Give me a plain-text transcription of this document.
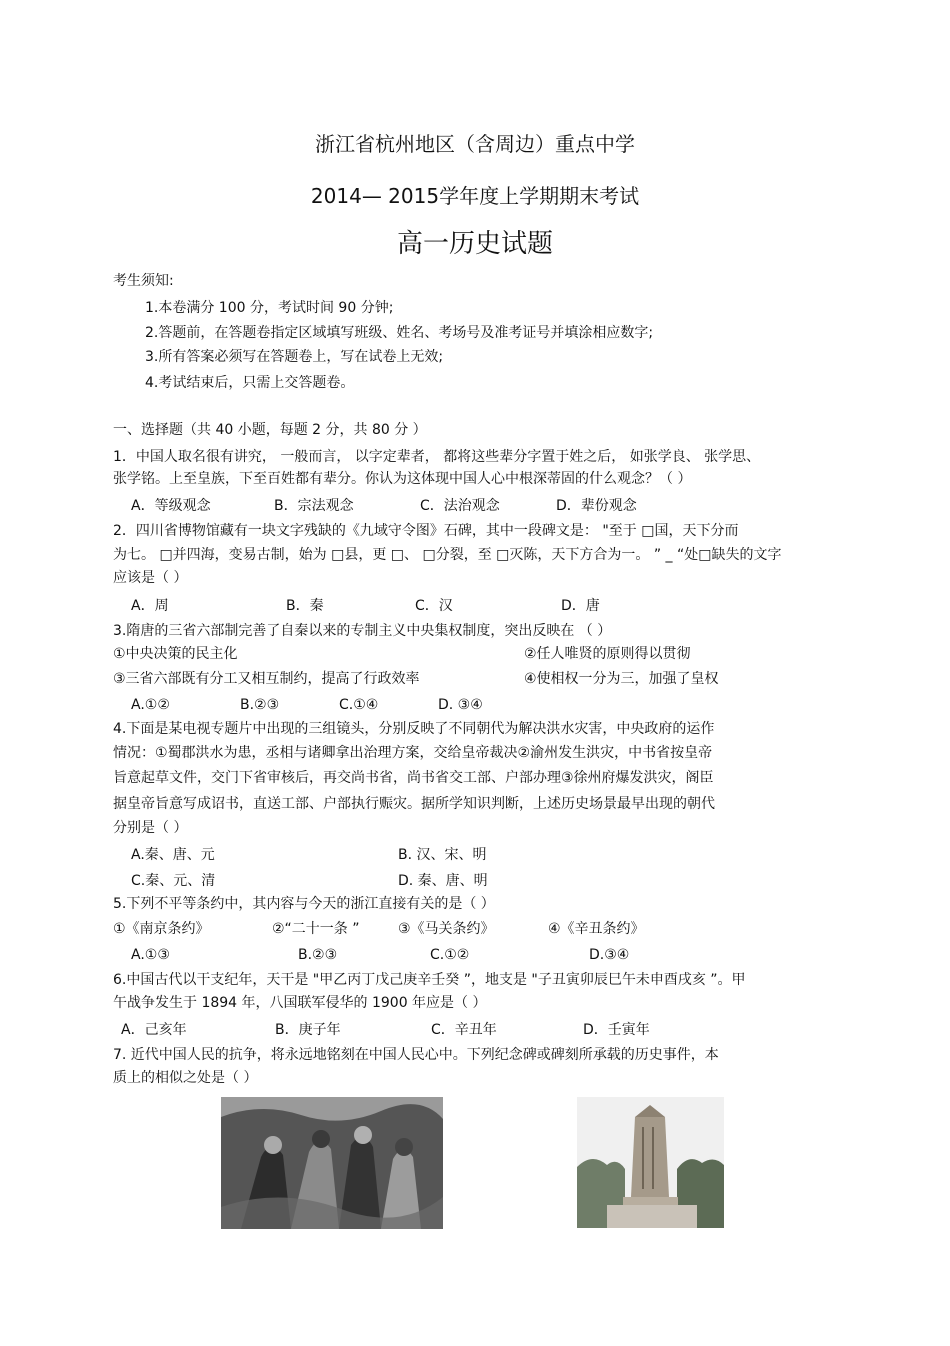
浙江省杭州地区（含周边）重点中学
2014— 2015学年度上学期期末考试
高一历史试题
考生须知:
1.本卷满分 100 分，考试时间 90 分钟;
2.答题前，在答题卷指定区域填写班级、姓名、考场号及准考证号并填涂相应数字;
3.所有答案必须写在答题卷上，写在试卷上无效;
4.考试结束后，只需上交答题卷。
一、选择题（共 40 小题，每题 2 分，共 80 分 ）
1．中国人取名很有讲究， 一般而言， 以字定辈者， 都将这些辈分字置于姓之后， 如张学良、 张学思、
张学铭。上至皇族，下至百姓都有辈分。你认为这体现中国人心中根深蒂固的什么观念？（ ）
A．等级观念	B．宗法观念	C．法治观念	D．辈份观念
2．四川省博物馆藏有一块文字残缺的《九域守令图》石碑，其中一段碑文是： "至于 □国，天下分而
为七。 □并四海，变易古制，始为 □县，更 □、 □分裂，至 □灭陈，天下方合为一。 ” _ “处□缺失的文字
应该是（ ）
A．周	B．秦	C．汉	D．唐
3.隋唐的三省六部制完善了自秦以来的专制主义中央集权制度，突出反映在 （ ）
①中央决策的民主化	②任人唯贤的原则得以贯彻
③三省六部既有分工又相互制约，提高了行政效率	④使相权一分为三，加强了皇权
A.①②	B.②③	C.①④	D. ③④
4.下面是某电视专题片中出现的三组镜头，分别反映了不同朝代为解决洪水灾害，中央政府的运作
情况：①蜀郡洪水为患，丞相与诸卿拿出治理方案，交给皇帝裁决②渝州发生洪灾，中书省按皇帝
旨意起草文件，交门下省审核后，再交尚书省，尚书省交工部、户部办理③徐州府爆发洪灾，阁臣
据皇帝旨意写成诏书，直送工部、户部执行赈灾。据所学知识判断，上述历史场景最早出现的朝代
分别是（ ）
A.秦、唐、元	B. 汉、宋、明
C.秦、元、清	D. 秦、唐、明
5.下列不平等条约中，其内容与今天的浙江直接有关的是（ ）
①《南京条约》	②“二十一条 ”	③《马关条约》	④《辛丑条约》
A.①③	B.②③	C.①②	D.③④
6.中国古代以干支纪年，天干是 "甲乙丙丁戊己庚辛壬癸 ”，地支是 "子丑寅卯辰巳午未申酉戌亥 ”。甲
午战争发生于 1894 年，八国联军侵华的 1900 年应是（ ）
A．己亥年	B．庚子年	C．辛丑年	D．壬寅年
7. 近代中国人民的抗争，将永远地铭刻在中国人民心中。下列纪念碑或碑刻所承载的历史事件，本
质上的相似之处是（ ）
